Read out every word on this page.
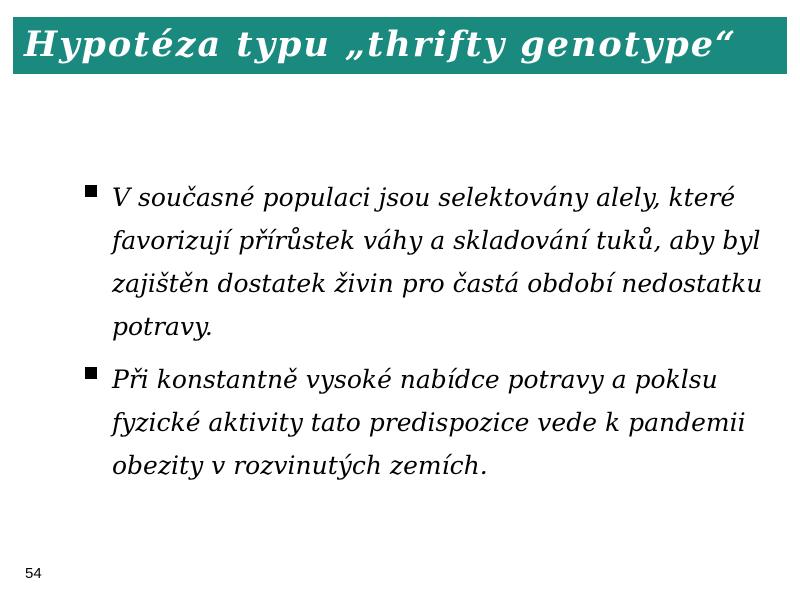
Hypotéza typu „thrifty genotype“
V současné populaci jsou selektovány alely, které favorizují přírůstek váhy a skladování tuků, aby byl zajištěn dostatek živin pro častá období nedostatku potravy.
Při konstantně vysoké nabídce potravy a poklsu fyzické aktivity tato predispozice vede k pandemii obezity v rozvinutých zemích.
54
